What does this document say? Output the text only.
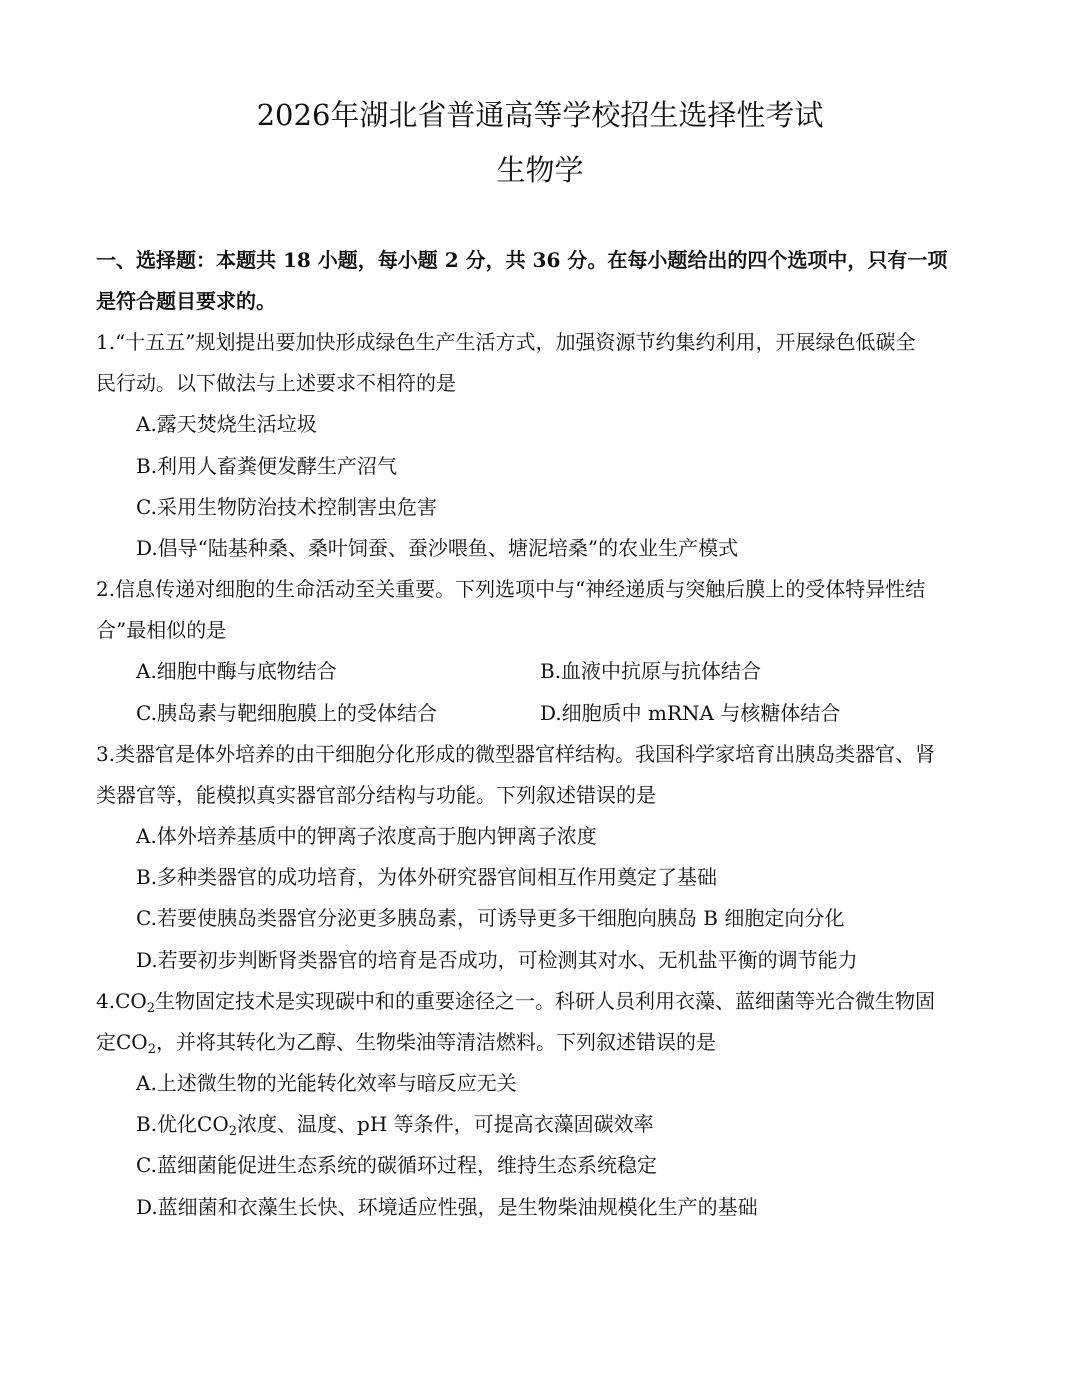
2026年湖北省普通高等学校招生选择性考试
生物学
一、选择题：本题共 18 小题，每小题 2 分，共 36 分。在每小题给出的四个选项中，只有一项
是符合题目要求的。
1.“十五五”规划提出要加快形成绿色生产生活方式，加强资源节约集约利用，开展绿色低碳全
民行动。以下做法与上述要求不相符的是
A.露天焚烧生活垃圾
B.利用人畜粪便发酵生产沼气
C.采用生物防治技术控制害虫危害
D.倡导“陆基种桑、桑叶饲蚕、蚕沙喂鱼、塘泥培桑”的农业生产模式
2.信息传递对细胞的生命活动至关重要。下列选项中与“神经递质与突触后膜上的受体特异性结
合”最相似的是
A.细胞中酶与底物结合	B.血液中抗原与抗体结合
C.胰岛素与靶细胞膜上的受体结合	D.细胞质中 mRNA 与核糖体结合
3.类器官是体外培养的由干细胞分化形成的微型器官样结构。我国科学家培育出胰岛类器官、肾
类器官等，能模拟真实器官部分结构与功能。下列叙述错误的是
A.体外培养基质中的钾离子浓度高于胞内钾离子浓度
B.多种类器官的成功培育，为体外研究器官间相互作用奠定了基础
C.若要使胰岛类器官分泌更多胰岛素，可诱导更多干细胞向胰岛 B 细胞定向分化
D.若要初步判断肾类器官的培育是否成功，可检测其对水、无机盐平衡的调节能力
$4.CO_2$生物固定技术是实现碳中和的重要途径之一。科研人员利用衣藻、蓝细菌等光合微生物固
定$CO_2$，并将其转化为乙醇、生物柴油等清洁燃料。下列叙述错误的是
A.上述微生物的光能转化效率与暗反应无关
B.优化$CO_2$浓度、温度、pH 等条件，可提高衣藻固碳效率
C.蓝细菌能促进生态系统的碳循环过程，维持生态系统稳定
D.蓝细菌和衣藻生长快、环境适应性强，是生物柴油规模化生产的基础
